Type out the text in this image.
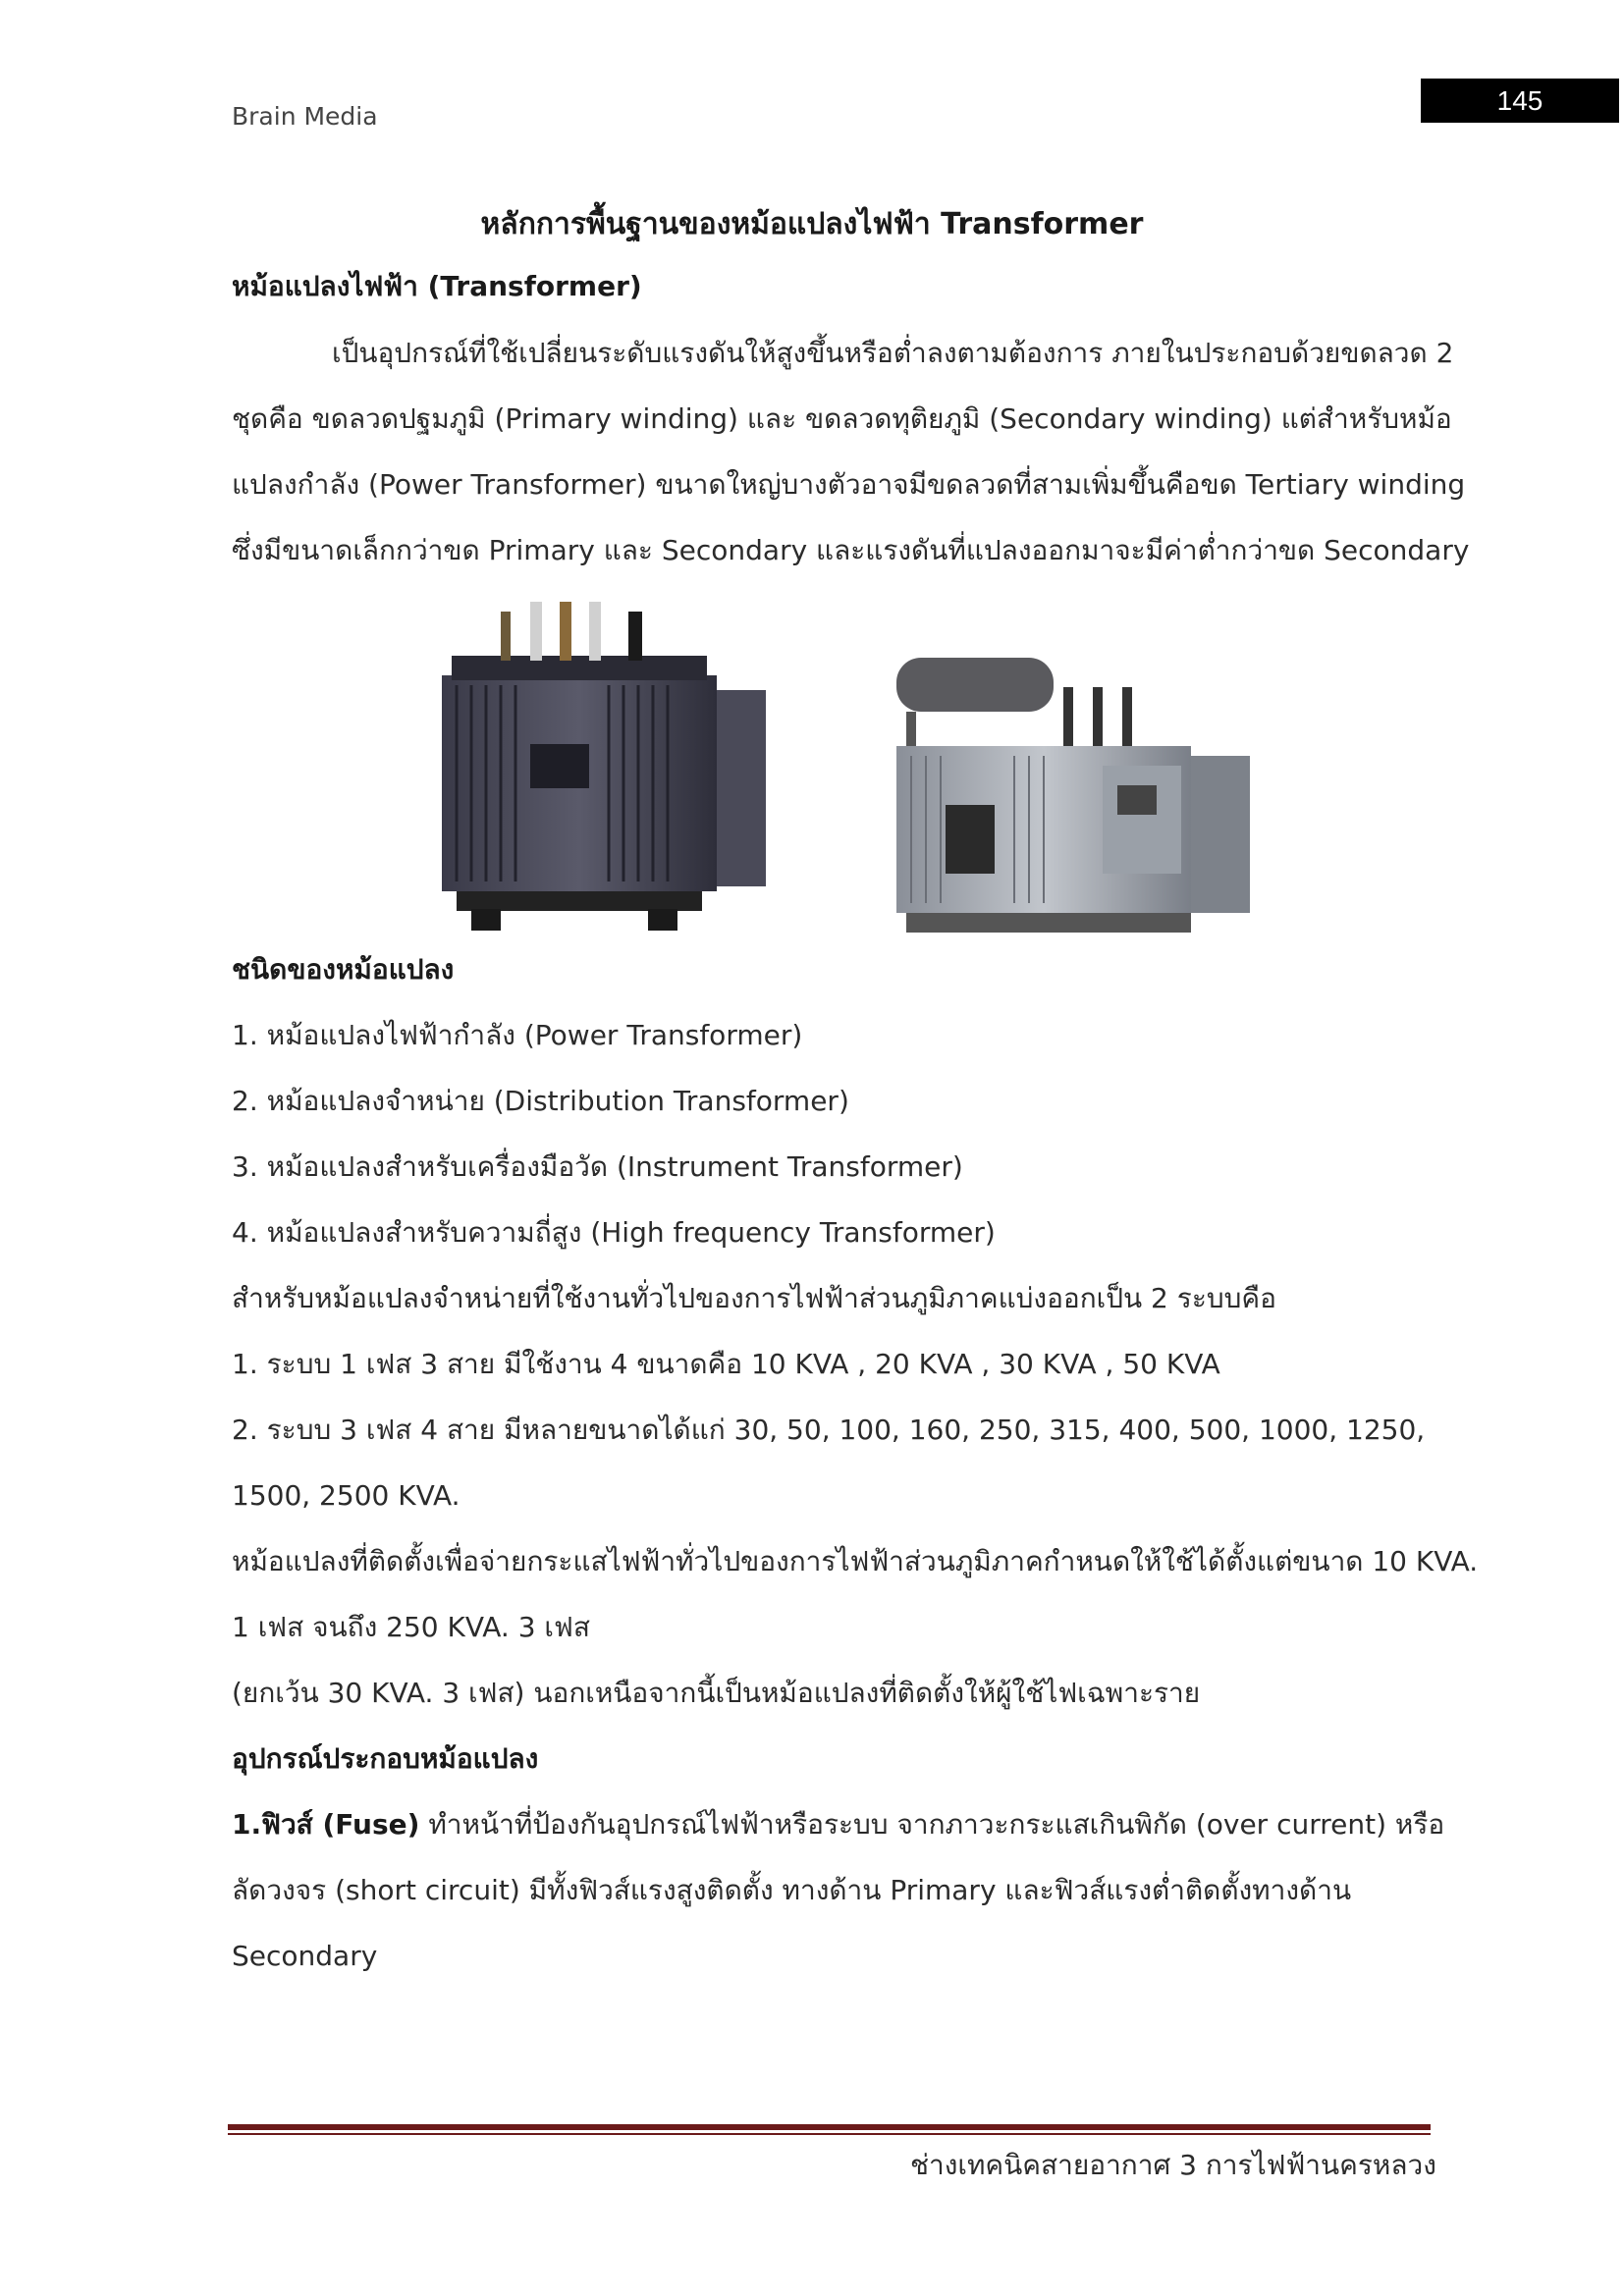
Brain Media
145
หลักการพื้นฐานของหม้อแปลงไฟฟ้า Transformer
หม้อแปลงไฟฟ้า (Transformer)
เป็นอุปกรณ์ที่ใช้เปลี่ยนระดับแรงดันให้สูงขึ้นหรือต่ำลงตามต้องการ ภายในประกอบด้วยขดลวด 2
ชุดคือ ขดลวดปฐมภูมิ (Primary winding) และ ขดลวดทุติยภูมิ (Secondary winding) แต่สำหรับหม้อ
แปลงกำลัง (Power Transformer) ขนาดใหญ่บางตัวอาจมีขดลวดที่สามเพิ่มขึ้นคือขด Tertiary winding
ซึ่งมีขนาดเล็กกว่าขด Primary และ Secondary และแรงดันที่แปลงออกมาจะมีค่าต่ำกว่าขด Secondary
ชนิดของหม้อแปลง
1. หม้อแปลงไฟฟ้ากำลัง (Power Transformer)
2. หม้อแปลงจำหน่าย (Distribution Transformer)
3. หม้อแปลงสำหรับเครื่องมือวัด (Instrument Transformer)
4. หม้อแปลงสำหรับความถี่สูง (High frequency Transformer)
สำหรับหม้อแปลงจำหน่ายที่ใช้งานทั่วไปของการไฟฟ้าส่วนภูมิภาคแบ่งออกเป็น 2 ระบบคือ
1. ระบบ 1 เฟส 3 สาย มีใช้งาน 4 ขนาดคือ 10 KVA , 20 KVA , 30 KVA , 50 KVA
2. ระบบ 3 เฟส 4 สาย มีหลายขนาดได้แก่ 30, 50, 100, 160, 250, 315, 400, 500, 1000, 1250,
1500, 2500 KVA.
หม้อแปลงที่ติดตั้งเพื่อจ่ายกระแสไฟฟ้าทั่วไปของการไฟฟ้าส่วนภูมิภาคกำหนดให้ใช้ได้ตั้งแต่ขนาด 10 KVA.
1 เฟส จนถึง 250 KVA. 3 เฟส
(ยกเว้น 30 KVA. 3 เฟส) นอกเหนือจากนี้เป็นหม้อแปลงที่ติดตั้งให้ผู้ใช้ไฟเฉพาะราย
อุปกรณ์ประกอบหม้อแปลง
1.ฟิวส์ (Fuse) ทำหน้าที่ป้องกันอุปกรณ์ไฟฟ้าหรือระบบ จากภาวะกระแสเกินพิกัด (over current) หรือ
ลัดวงจร (short circuit) มีทั้งฟิวส์แรงสูงติดตั้ง ทางด้าน Primary และฟิวส์แรงต่ำติดตั้งทางด้าน
Secondary
ช่างเทคนิคสายอากาศ 3 การไฟฟ้านครหลวง
